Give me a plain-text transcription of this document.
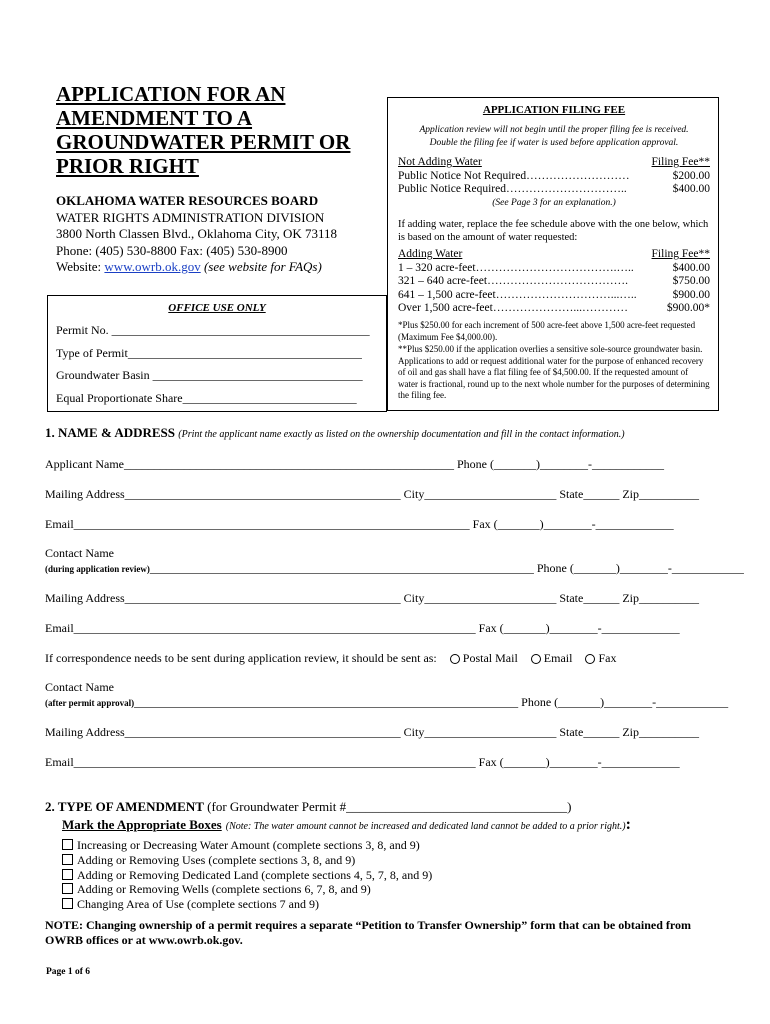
APPLICATION FOR AN
AMENDMENT TO A
GROUNDWATER PERMIT OR
PRIOR RIGHT
OKLAHOMA WATER RESOURCES BOARD
WATER RIGHTS ADMINISTRATION DIVISION
3800 North Classen Blvd., Oklahoma City, OK 73118
Phone: (405) 530-8800 Fax: (405) 530-8900
Website: www.owrb.ok.gov (see website for FAQs)
OFFICE USE ONLY
Permit No. ___________________________________________
Type of Permit_______________________________________
Groundwater Basin ___________________________________
Equal Proportionate Share_____________________________
APPLICATION FILING FEE
Application review will not begin until the proper filing fee is received.
Double the filing fee if water is used before application approval.
Not Adding Water	Filing Fee**
Public Notice Not Required………………………	$200.00
Public Notice Required…………………………..	$400.00
(See Page 3 for an explanation.)
If adding water, replace the fee schedule above with the one below, which is based on the amount of water requested:
Adding Water	Filing Fee**
1 – 320 acre-feet……………………………….…..	$400.00
321 – 640 acre-feet……………………………….	$750.00
641 – 1,500 acre-feet…………………………...…..	$900.00
Over 1,500 acre-feet…………………...…………	$900.00*
*Plus $250.00 for each increment of 500 acre-feet above 1,500 acre-feet requested (Maximum Fee $4,000.00).
**Plus $250.00 if the application overlies a sensitive sole-source groundwater basin. Applications to add or request additional water for the purpose of enhanced recovery of oil and gas shall have a flat filing fee of $4,500.00. If the requested amount of water is fractional, round up to the next whole number for the purposes of determining the filing fee.
1. NAME & ADDRESS (Print the applicant name exactly as listed on the ownership documentation and fill in the contact information.)
Applicant Name_______________________________________________________ Phone (_______)________-____________
Mailing Address______________________________________________ City______________________ State______ Zip__________
Email__________________________________________________________________ Fax (_______)________-_____________
Contact Name
(during application review)________________________________________________________________ Phone (_______)________-____________
Mailing Address______________________________________________ City______________________ State______ Zip__________
Email___________________________________________________________________ Fax (_______)________-_____________
If correspondence needs to be sent during application review, it should be sent as: Postal Mail Email Fax
Contact Name
(after permit approval)________________________________________________________________ Phone (_______)________-____________
Mailing Address______________________________________________ City______________________ State______ Zip__________
Email___________________________________________________________________ Fax (_______)________-_____________
2. TYPE OF AMENDMENT (for Groundwater Permit #__________________________________)
Mark the Appropriate Boxes (Note: The water amount cannot be increased and dedicated land cannot be added to a prior right.):
Increasing or Decreasing Water Amount (complete sections 3, 8, and 9)
Adding or Removing Uses (complete sections 3, 8, and 9)
Adding or Removing Dedicated Land (complete sections 4, 5, 7, 8, and 9)
Adding or Removing Wells (complete sections 6, 7, 8, and 9)
Changing Area of Use (complete sections 7 and 9)
NOTE: Changing ownership of a permit requires a separate “Petition to Transfer Ownership” form that can be obtained from OWRB offices or at www.owrb.ok.gov.
Page 1 of 6
